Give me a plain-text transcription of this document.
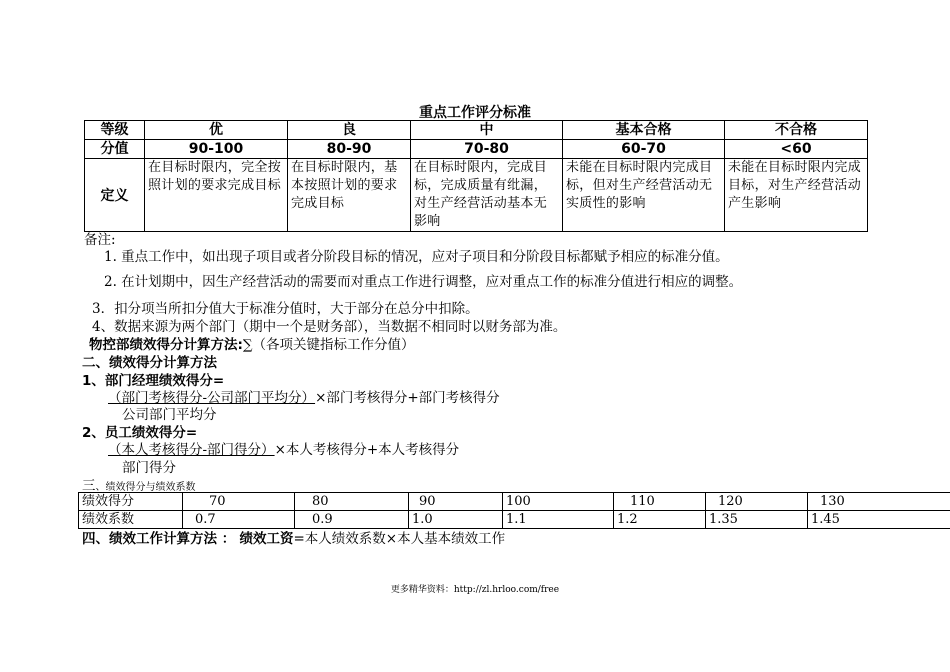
重点工作评分标准
等级	优	良	中	基本合格	不合格
分值	90-100	80-90	70-80	60-70	<60
定义	在目标时限内，完全按照计划的要求完成目标	在目标时限内，基本按照计划的要求完成目标	在目标时限内，完成目标，完成质量有纰漏，对生产经营活动基本无影响	未能在目标时限内完成目标，但对生产经营活动无实质性的影响	未能在目标时限内完成目标，对生产经营活动产生影响
备注:
1. 重点工作中，如出现子项目或者分阶段目标的情况，应对子项目和分阶段目标都赋予相应的标准分值。
2. 在计划期中，因生产经营活动的需要而对重点工作进行调整，应对重点工作的标准分值进行相应的调整。
3．扣分项当所扣分值大于标准分值时，大于部分在总分中扣除。
4、数据来源为两个部门（期中一个是财务部），当数据不相同时以财务部为准。
物控部绩效得分计算方法:∑（各项关键指标工作分值）
二、绩效得分计算方法
1、部门经理绩效得分=
（部门考核得分-公司部门平均分）×部门考核得分+部门考核得分
公司部门平均分
2、员工绩效得分=
（本人考核得分-部门得分）×本人考核得分+本人考核得分
部门得分
三、绩效得分与绩效系数
绩效得分	70	80	90	100	110	120	130
绩效系数	0.7	0.9	1.0	1.1	1.2	1.35	1.45
四、绩效工作计算方法 ： 绩效工资=本人绩效系数×本人基本绩效工作
更多精华资料：http://zl.hrloo.com/free
